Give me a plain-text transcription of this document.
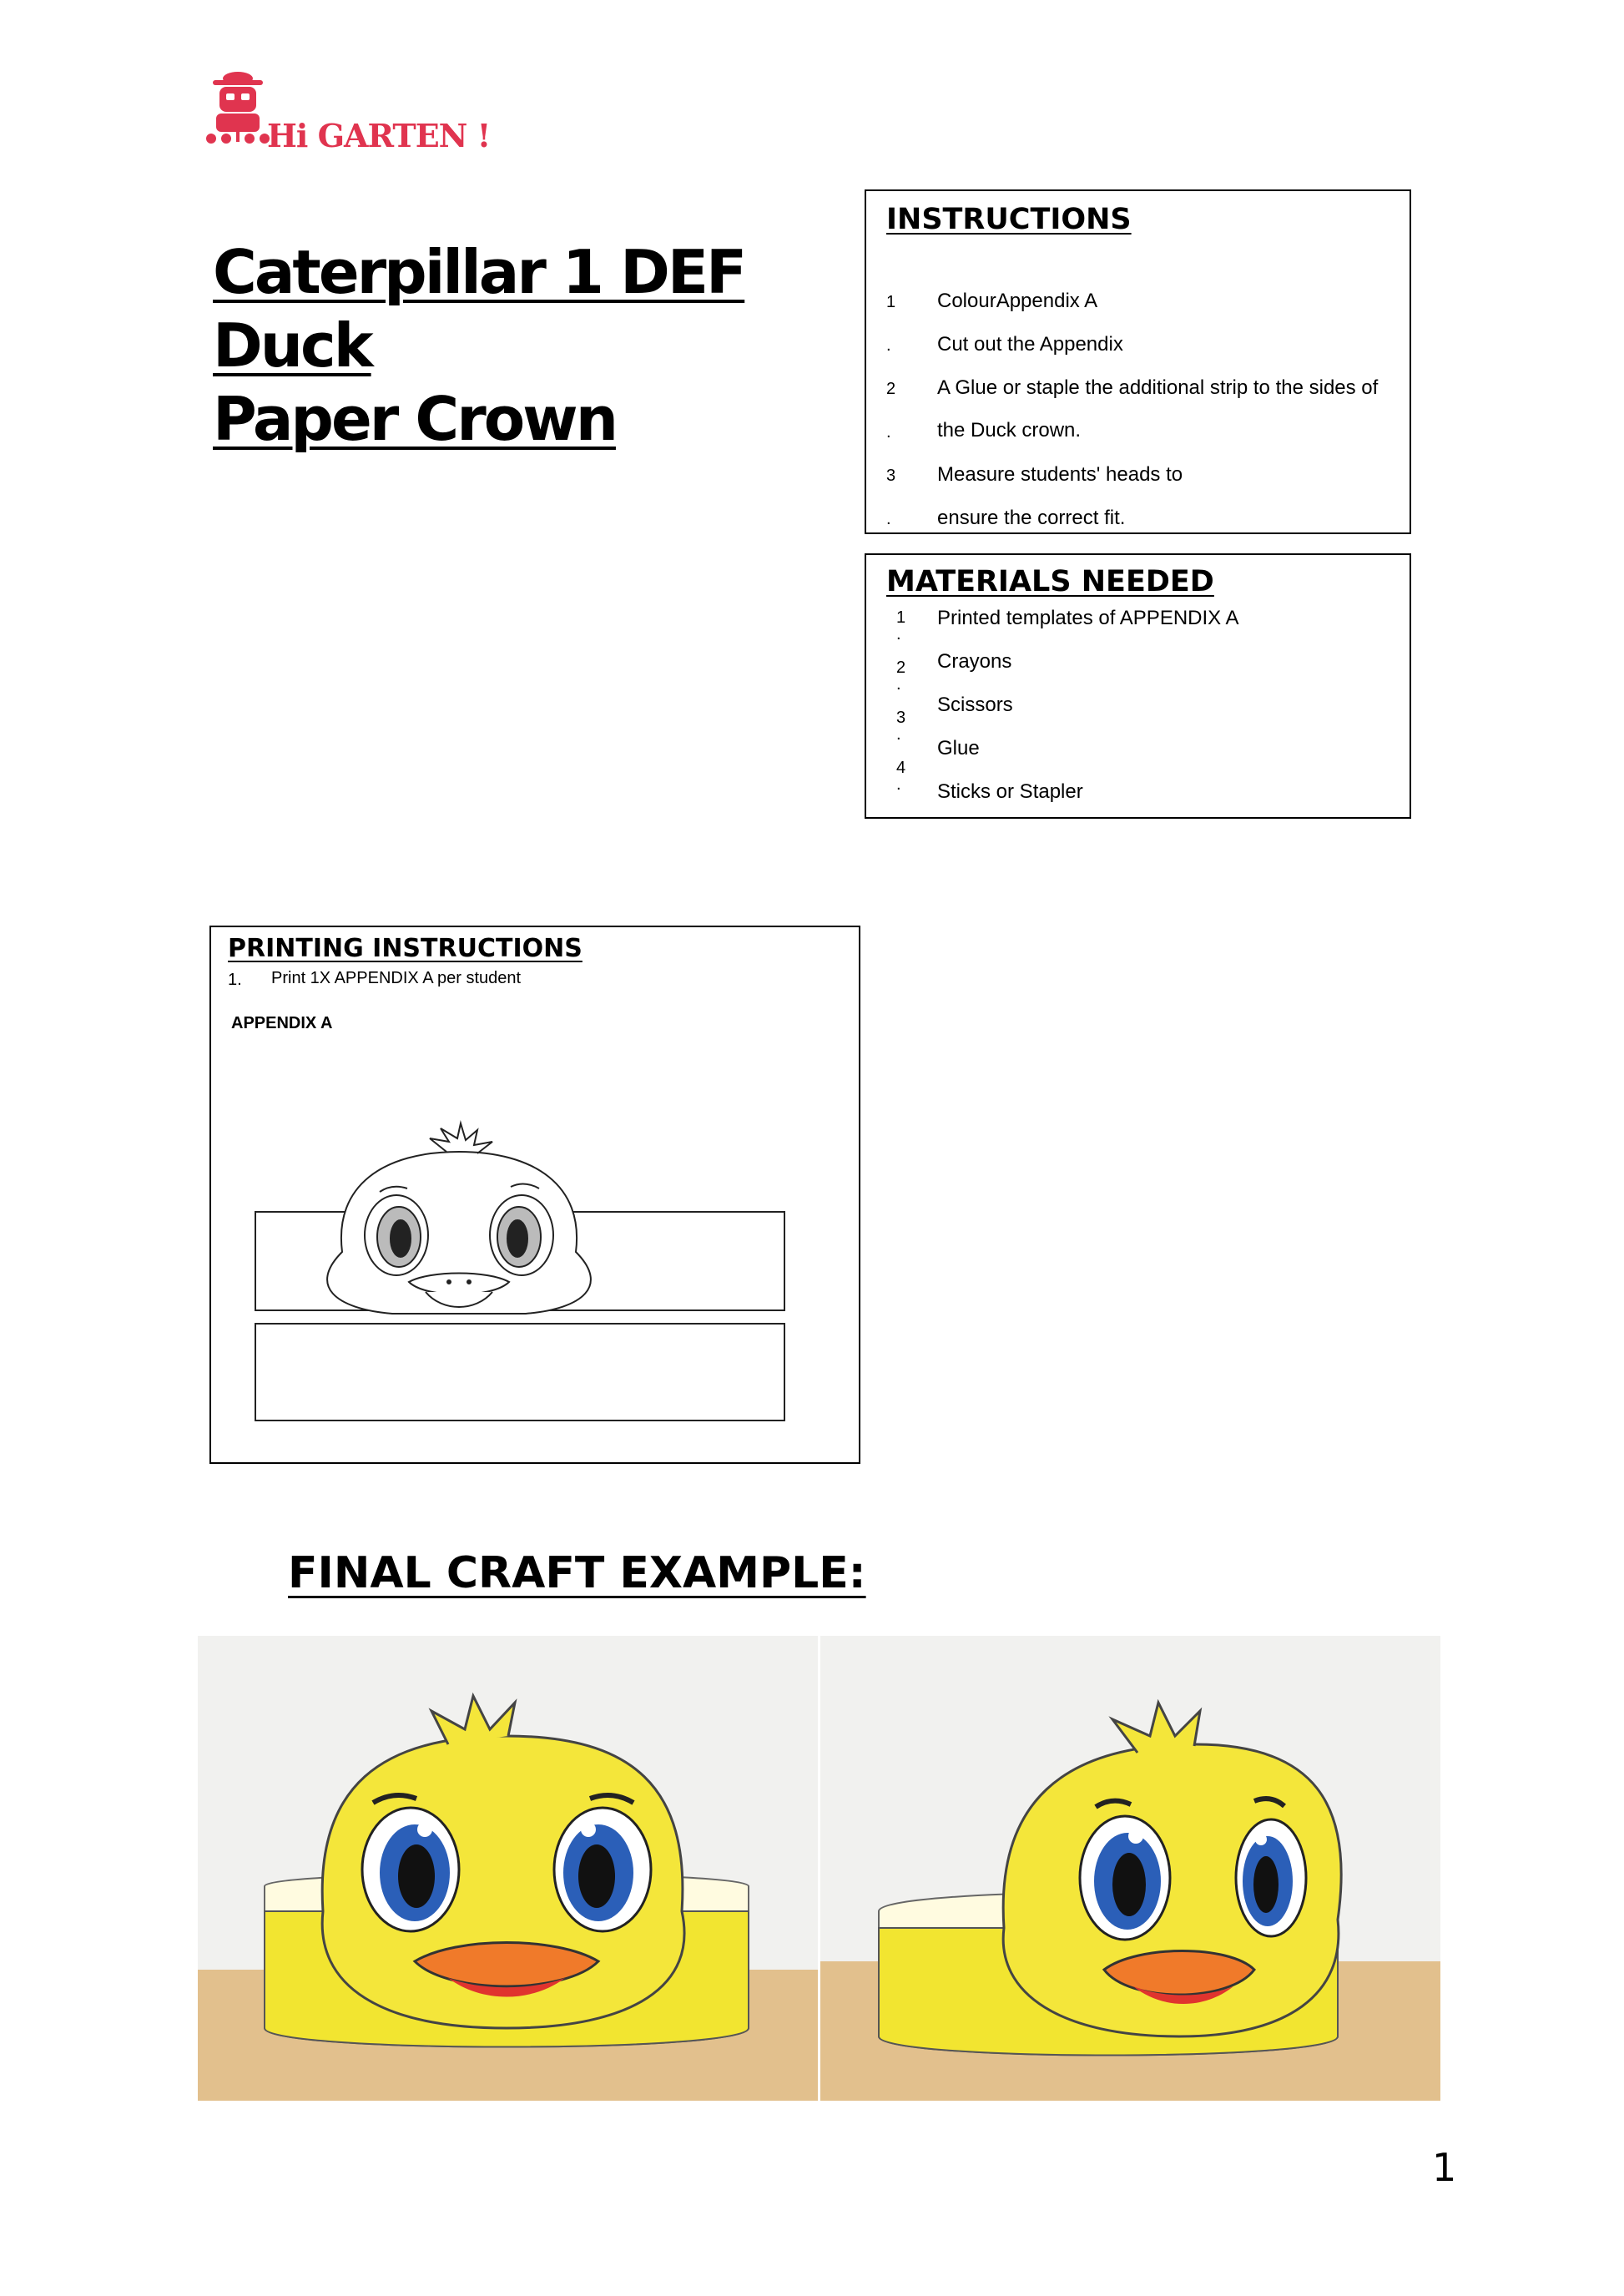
Hi GARTEN !
Caterpillar 1 DEF Duck
Paper Crown
INSTRUCTIONS
1 ColourAppendix A
. Cut out the Appendix
2 A Glue or staple the additional strip to the sides of
. the Duck crown.
3 Measure students' heads to
. ensure the correct fit.
MATERIALS NEEDED
1
.
Printed templates of APPENDIX A
2
.
Crayons
3
.
Scissors
4
.
Glue
Sticks or Stapler
PRINTING INSTRUCTIONS
1. Print 1X APPENDIX A per student
APPENDIX A
FINAL CRAFT EXAMPLE:
1
